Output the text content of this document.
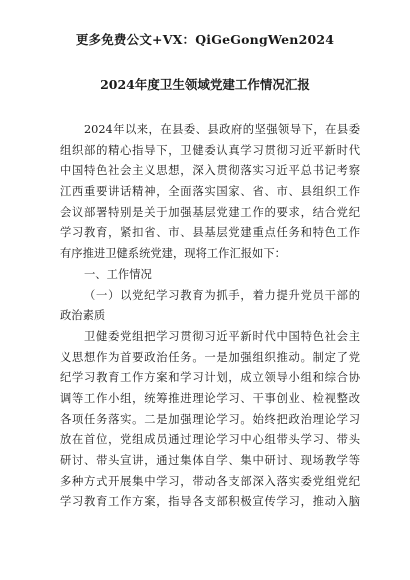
更多免费公文+VX：QiGeGongWen2024
2024年度卫生领域党建工作情况汇报
2024年以来，在县委、县政府的坚强领导下，在县委
组织部的精心指导下，卫健委认真学习贯彻习近平新时代
中国特色社会主义思想，深入贯彻落实习近平总书记考察
江西重要讲话精神，全面落实国家、省、市、县组织工作
会议部署特别是关于加强基层党建工作的要求，结合党纪
学习教育，紧扣省、市、县基层党建重点任务和特色工作
有序推进卫健系统党建，现将工作汇报如下：
一、工作情况
（一）以党纪学习教育为抓手，着力提升党员干部的
政治素质
卫健委党组把学习贯彻习近平新时代中国特色社会主
义思想作为首要政治任务。一是加强组织推动。制定了党
纪学习教育工作方案和学习计划，成立领导小组和综合协
调等工作小组，统筹推进理论学习、干事创业、检视整改
各项任务落实。二是加强理论学习。始终把政治理论学习
放在首位，党组成员通过理论学习中心组带头学习、带头
研讨、带头宣讲，通过集体自学、集中研讨、现场教学等
多种方式开展集中学习，带动各支部深入落实委党组党纪
学习教育工作方案，指导各支部积极宣传学习，推动入脑
